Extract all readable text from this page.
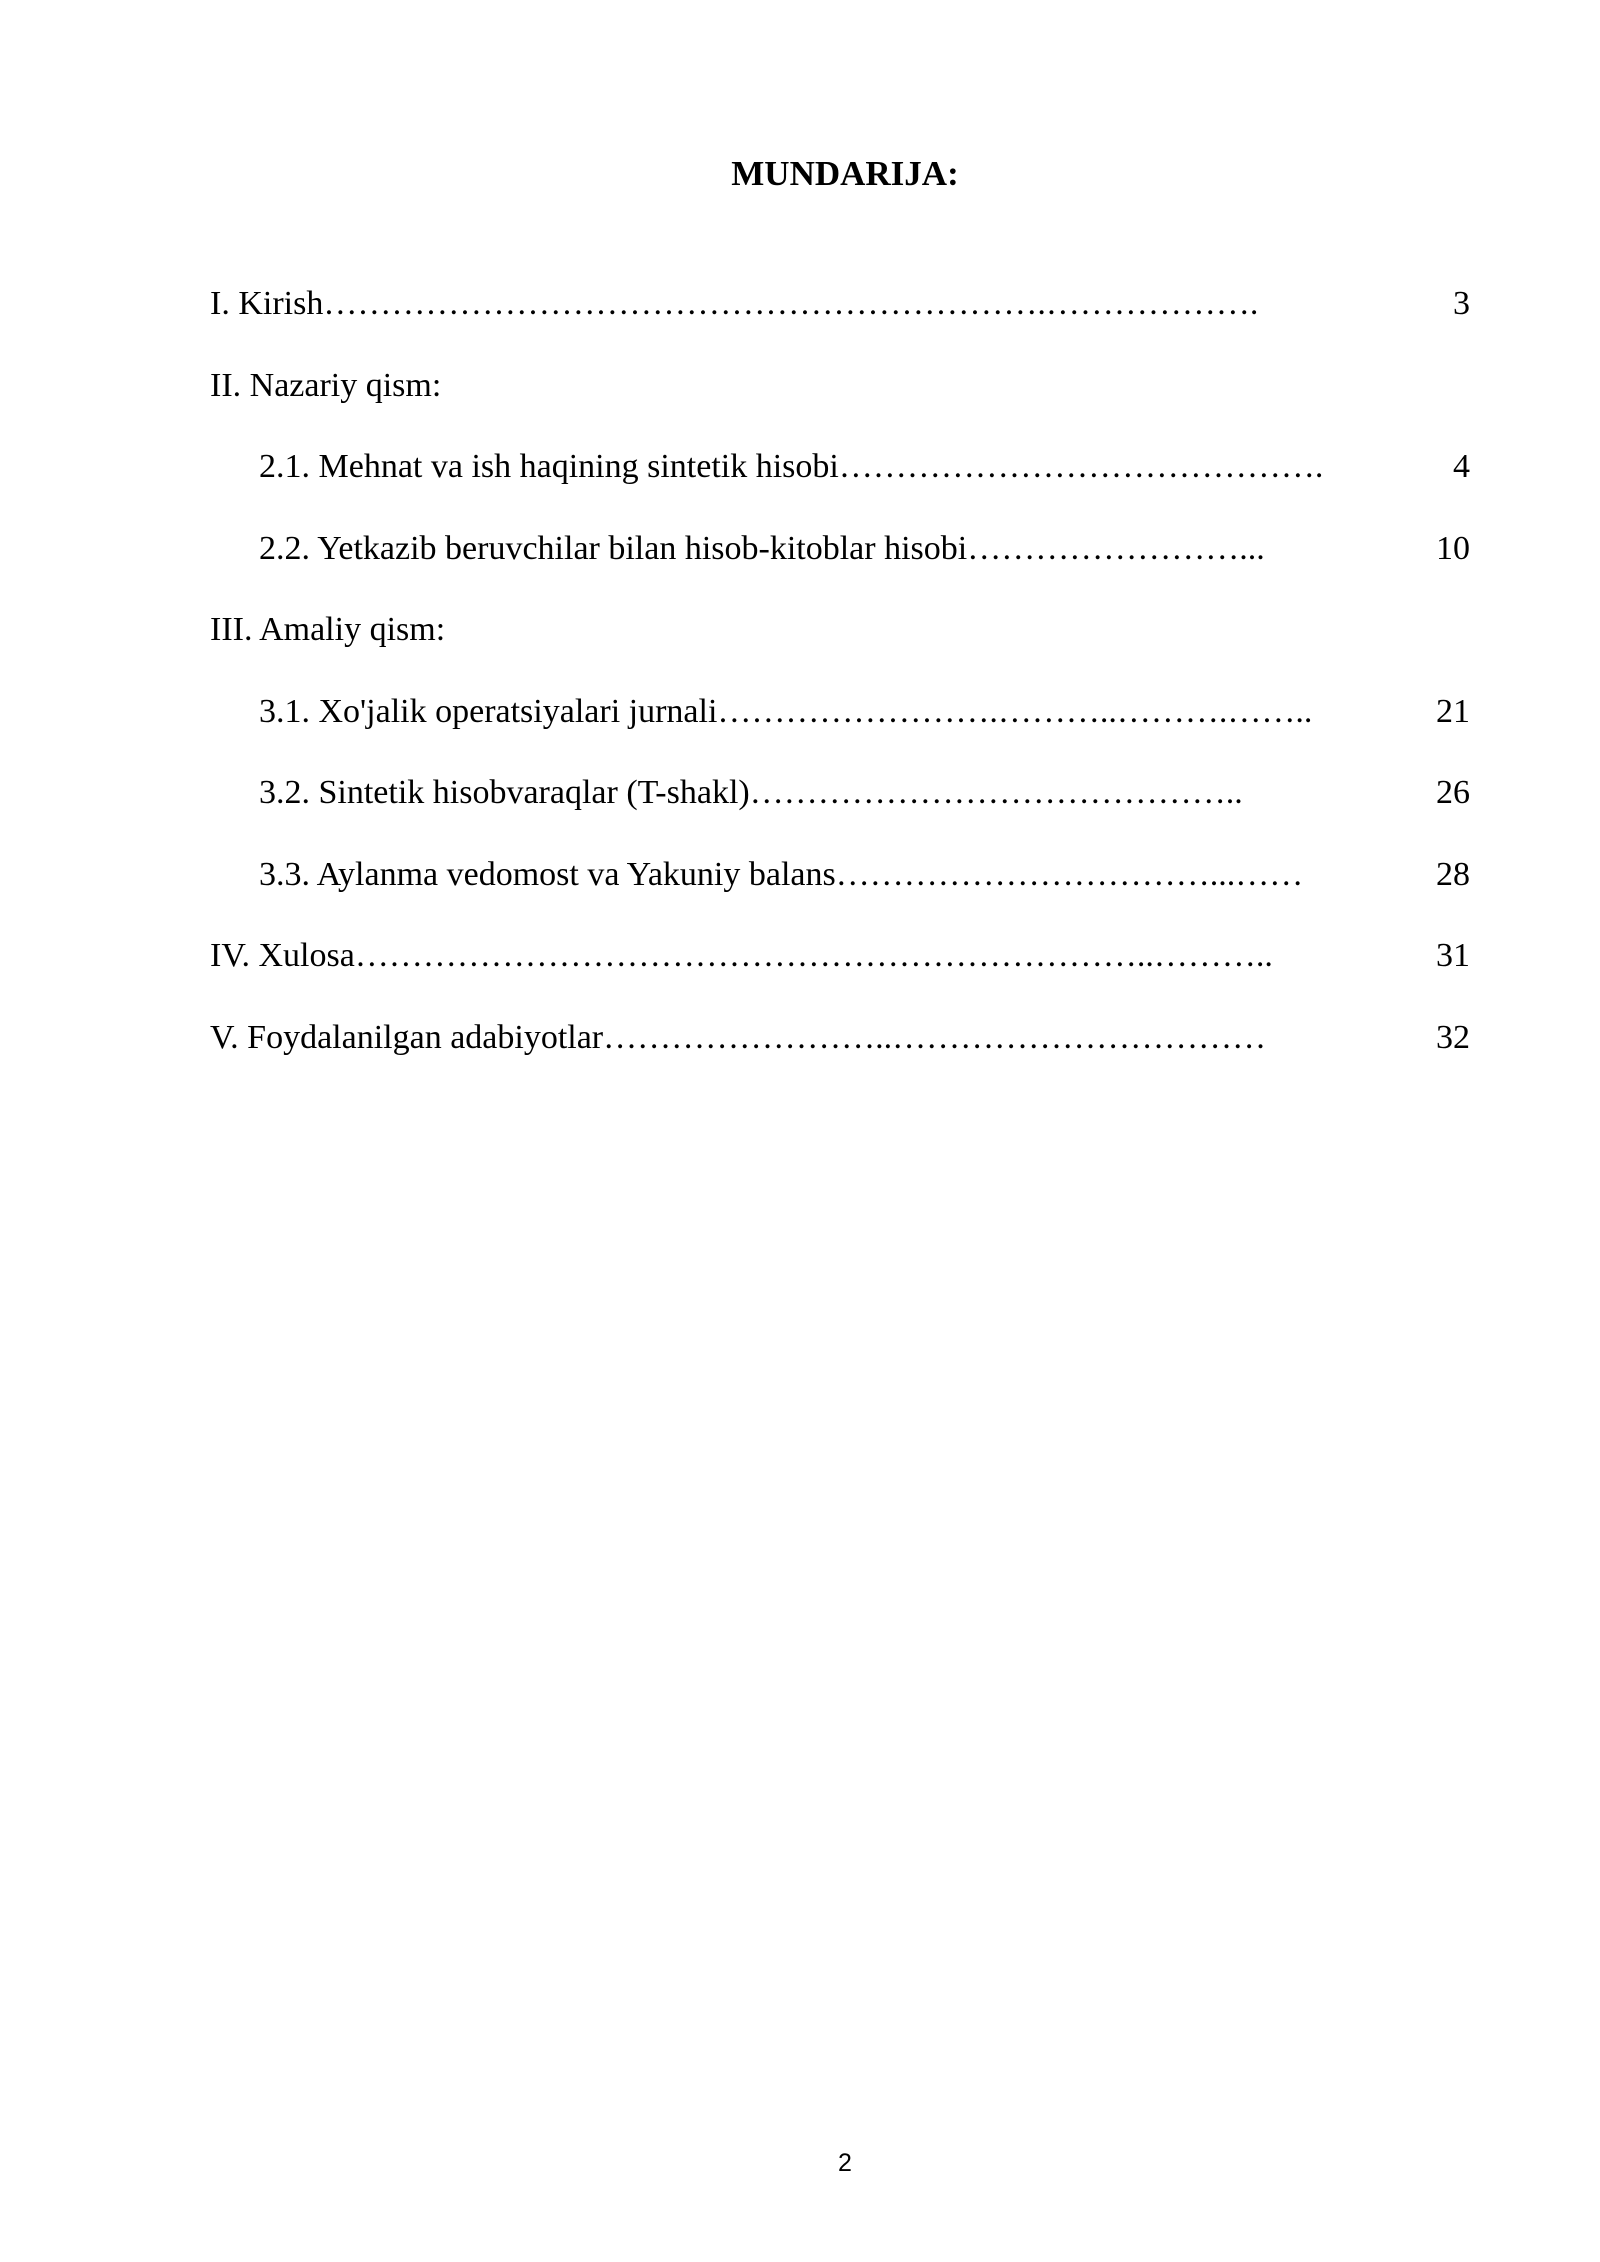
MUNDARIJA:
I. Kirish ……………………………………………………….……………….	3
II. Nazariy qism:
2.1. Mehnat va ish haqining sintetik hisobi …………………………………….	4
2.2. Yetkazib beruvchilar bilan hisob-kitoblar hisobi ……………………...	10
III. Amaliy qism:
3.1. Xo'jalik operatsiyalari jurnali …………………….………..……….……..	21
3.2. Sintetik hisobvaraqlar (T-shakl) ……………………………………..	26
3.3. Aylanma vedomost va Yakuniy balans ……………………………...……	28
IV. Xulosa ……………………………………………………………..………..	31
V. Foydalanilgan adabiyotlar ……………………..……………………………	32
2
